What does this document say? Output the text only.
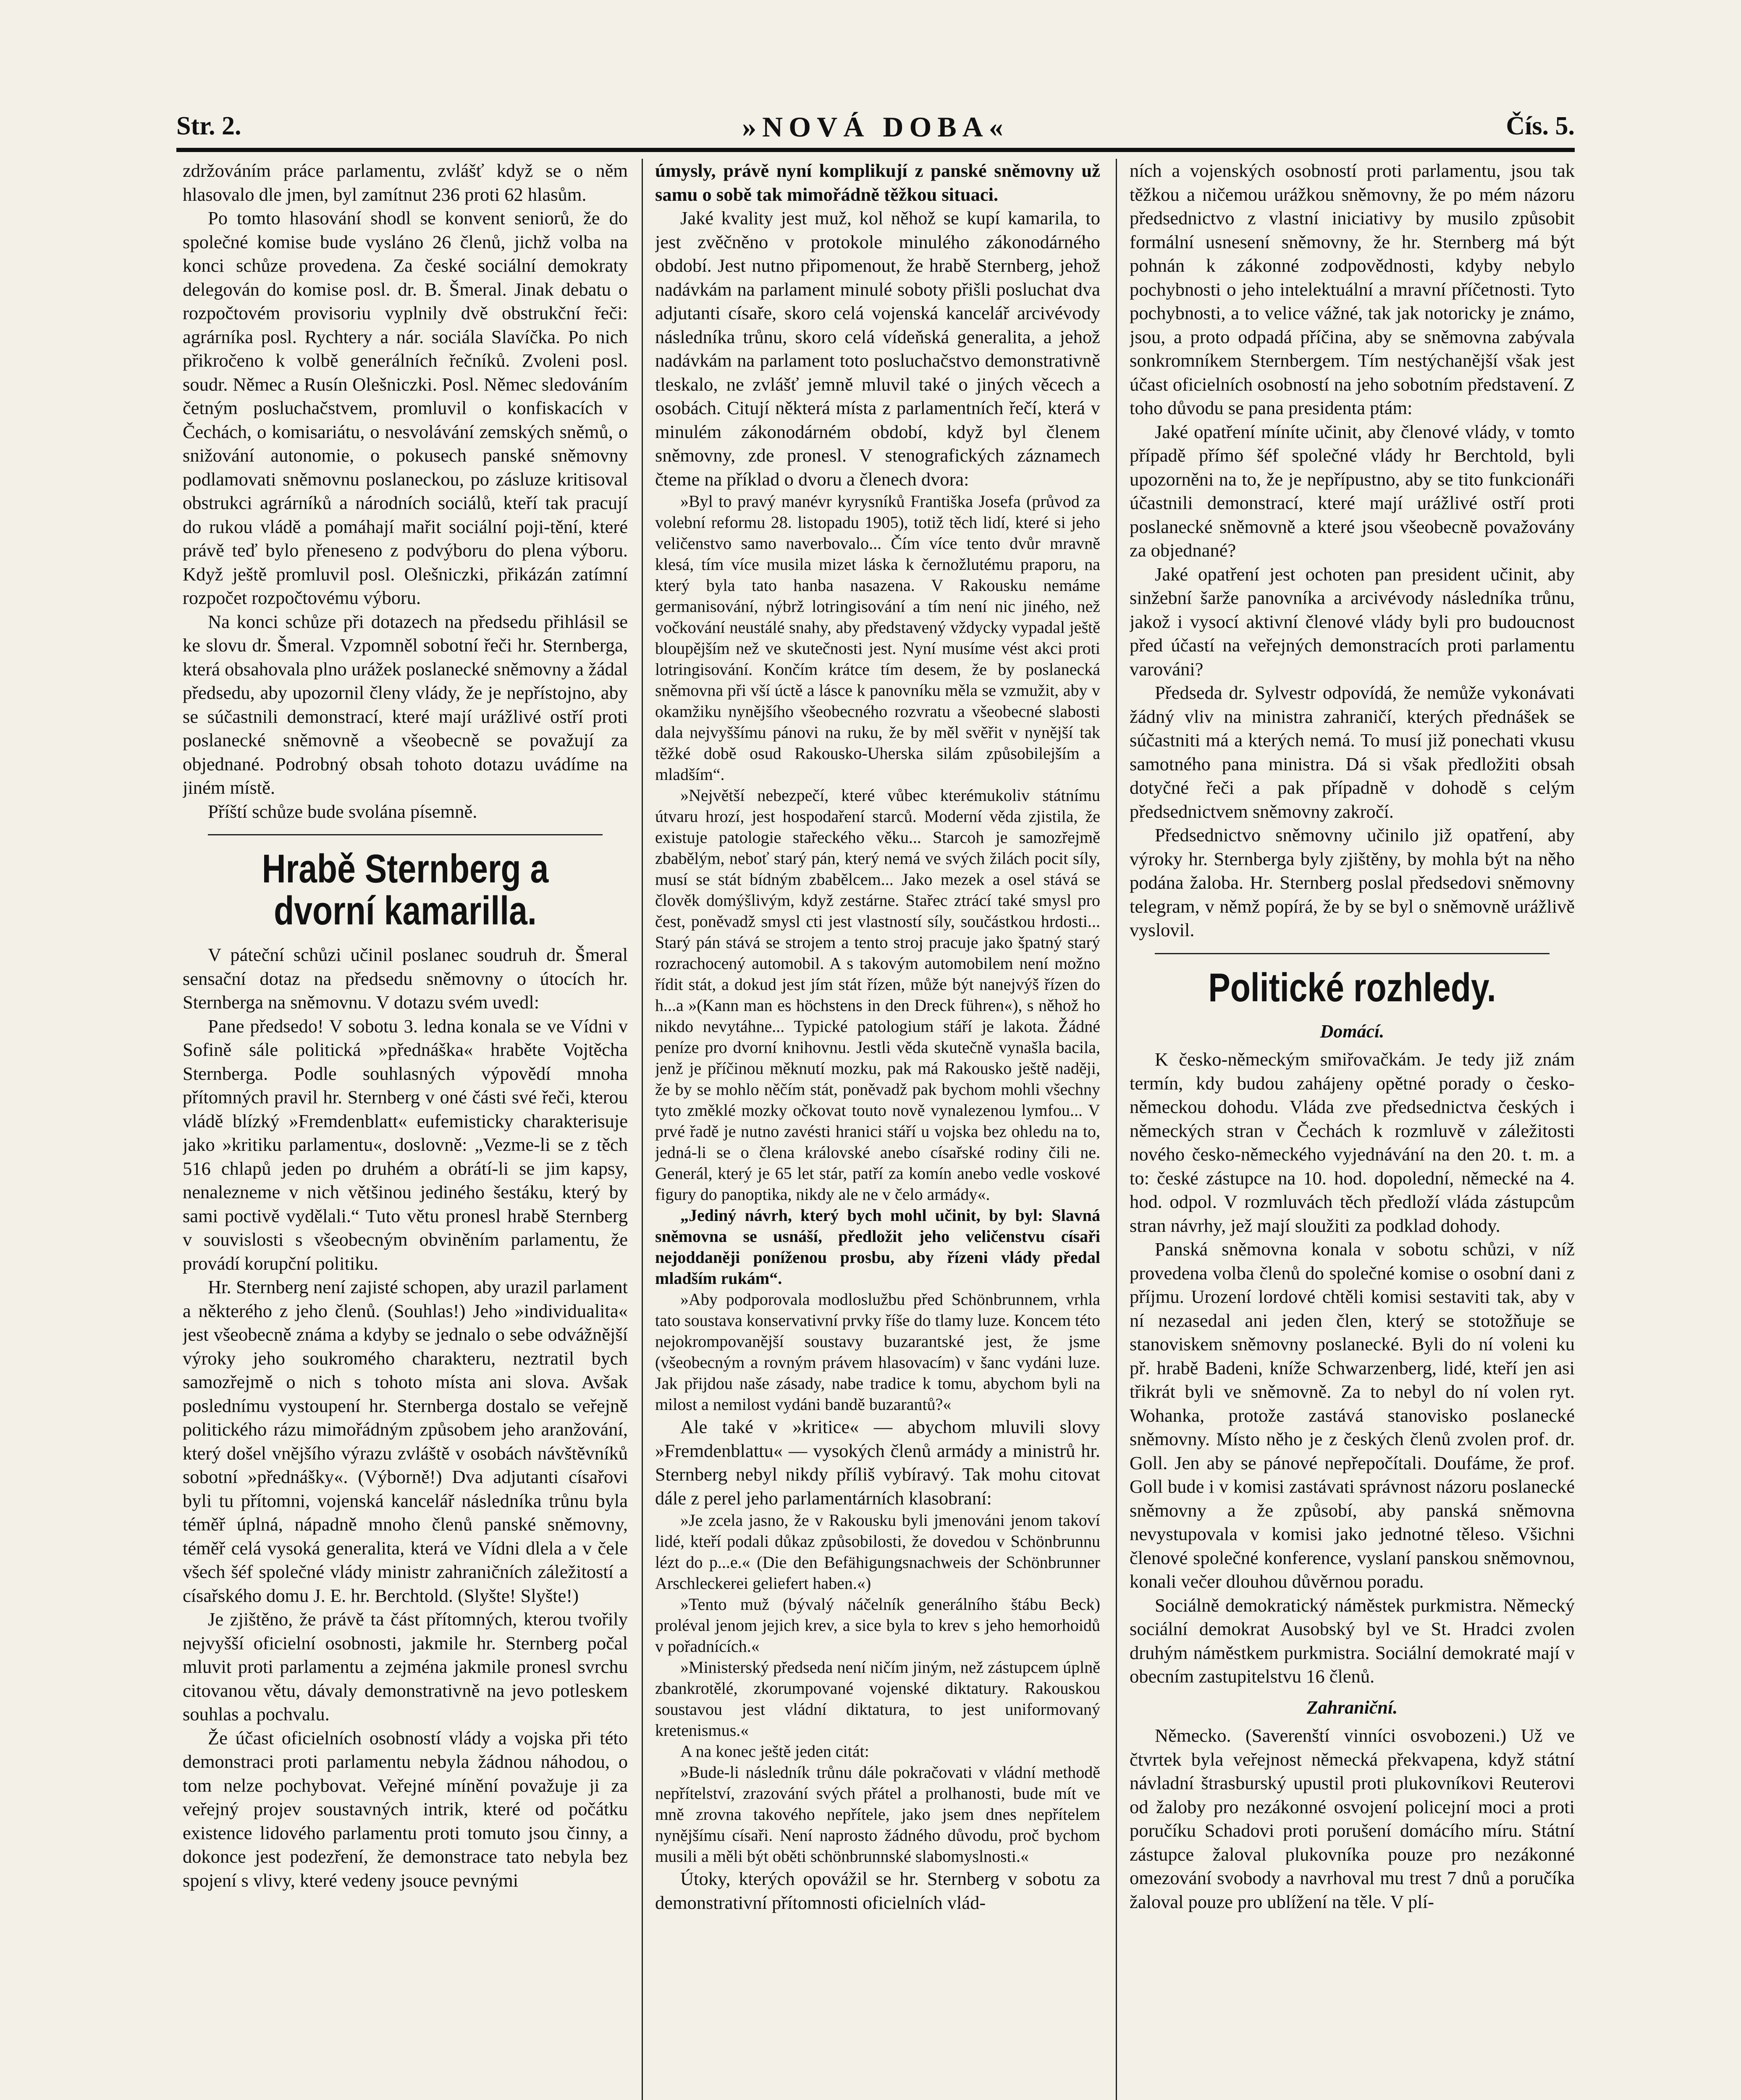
Str. 2.	»NOVÁ DOBA«	Čís. 5.

zdržováním práce parlamentu, zvlášť když se o něm hlasovalo dle jmen, byl zamítnut 236 proti 62 hlasům.

Po tomto hlasování shodl se konvent seniorů, že do společné komise bude vysláno 26 členů, jichž volba na konci schůze provedena. Za české sociální demokraty delegován do komise posl. dr. B. Šmeral. Jinak debatu o rozpočtovém provisoriu vyplnily dvě obstrukční řeči: agrárníka posl. Rychtery a nár. sociála Slavíčka. Po nich přikročeno k volbě generálních řečníků. Zvoleni posl. soudr. Němec a Rusín Olešniczki. Posl. Němec sledováním četným posluchačstvem, promluvil o konfiskacích v Čechách, o komisariátu, o nesvolávání zemských sněmů, o snižování autonomie, o pokusech panské sněmovny podlamovati sněmovnu poslaneckou, po zásluze kritisoval obstrukci agrárníků a národních sociálů, kteří tak pracují do rukou vládě a pomáhají mařit sociální poji-tění, které právě teď bylo přeneseno z podvýboru do plena výboru. Když ještě promluvil posl. Olešniczki, přikázán zatímní rozpočet rozpočtovému výboru.

Na konci schůze při dotazech na předsedu přihlásil se ke slovu dr. Šmeral. Vzpomněl sobotní řeči hr. Sternberga, která obsahovala plno urážek poslanecké sněmovny a žádal předsedu, aby upozornil členy vlády, že je nepřístojno, aby se súčastnili demonstrací, které mají urážlivé ostří proti poslanecké sněmovně a všeobecně se považují za objednané. Podrobný obsah tohoto dotazu uvádíme na jiném místě.

Příští schůze bude svolána písemně.

Hrabě Sternberg a dvorní kamarilla.

V páteční schůzi učinil poslanec soudruh dr. Šmeral sensační dotaz na předsedu sněmovny o útocích hr. Sternberga na sněmovnu. V dotazu svém uvedl:

Pane předsedo! V sobotu 3. ledna konala se ve Vídni v Sofině sále politická »přednáška« hraběte Vojtěcha Sternberga. Podle souhlasných výpovědí mnoha přítomných pravil hr. Sternberg v oné části své řeči, kterou vládě blízký »Fremdenblatt« eufemisticky charakterisuje jako »kritiku parlamentu«, doslovně: „Vezme-li se z těch 516 chlapů jeden po druhém a obrátí-li se jim kapsy, nenalezneme v nich většinou jediného šestáku, který by sami poctivě vydělali.“ Tuto větu pronesl hrabě Sternberg v souvislosti s všeobecným obviněním parlamentu, že provádí korupční politiku.

Hr. Sternberg není zajisté schopen, aby urazil parlament a některého z jeho členů. (Souhlas!) Jeho »individualita« jest všeobecně známa a kdyby se jednalo o sebe odvážnější výroky jeho soukromého charakteru, neztratil bych samozřejmě o nich s tohoto místa ani slova. Avšak poslednímu vystoupení hr. Sternberga dostalo se veřejně politického rázu mimořádným způsobem jeho aranžování, který došel vnějšího výrazu zvláště v osobách návštěvníků sobotní »přednášky«. (Výborně!) Dva adjutanti císařovi byli tu přítomni, vojenská kancelář následníka trůnu byla téměř úplná, nápadně mnoho členů panské sněmovny, téměř celá vysoká generalita, která ve Vídni dlela a v čele všech šéf společné vlády ministr zahraničních záležitostí a císařského domu J. E. hr. Berchtold. (Slyšte! Slyšte!)

Je zjištěno, že právě ta část přítomných, kterou tvořily nejvyšší oficielní osobnosti, jakmile hr. Sternberg počal mluvit proti parlamentu a zejména jakmile pronesl svrchu citovanou větu, dávaly demonstrativně na jevo potleskem souhlas a pochvalu.

Že účast oficielních osobností vlády a vojska při této demonstraci proti parlamentu nebyla žádnou náhodou, o tom nelze pochybovat. Veřejné mínění považuje ji za veřejný projev soustavných intrik, které od počátku existence lidového parlamentu proti tomuto jsou činny, a dokonce jest podezření, že demonstrace tato nebyla bez spojení s vlivy, které vedeny jsouce pevnými

úmysly, právě nyní komplikují z panské sněmovny už samu o sobě tak mimořádně těžkou situaci.

Jaké kvality jest muž, kol něhož se kupí kamarila, to jest zvěčněno v protokole minulého zákonodárného období. Jest nutno připomenout, že hrabě Sternberg, jehož nadávkám na parlament minulé soboty přišli posluchat dva adjutanti císaře, skoro celá vojenská kancelář arcivévody následníka trůnu, skoro celá vídeňská generalita, a jehož nadávkám na parlament toto posluchačstvo demonstrativně tleskalo, ne zvlášť jemně mluvil také o jiných věcech a osobách. Citují některá místa z parlamentních řečí, která v minulém zákonodárném období, když byl členem sněmovny, zde pronesl. V stenografických záznamech čteme na příklad o dvoru a členech dvora:

»Byl to pravý manévr kyrysníků Františka Josefa (průvod za volební reformu 28. listopadu 1905), totiž těch lidí, které si jeho veličenstvo samo naverbovalo... Čím více tento dvůr mravně klesá, tím více musila mizet láska k černožlutému praporu, na který byla tato hanba nasazena. V Rakousku nemáme germanisování, nýbrž lotringisování a tím není nic jiného, než vočkování neustálé snahy, aby představený vždycky vypadal ještě bloupějším než ve skutečnosti jest. Nyní musíme vést akci proti lotringisování. Končím krátce tím desem, že by poslanecká sněmovna při vší úctě a lásce k panovníku měla se vzmužit, aby v okamžiku nynějšího všeobecného rozvratu a všeobecné slabosti dala nejvyššímu pánovi na ruku, že by měl svěřit v nynější tak těžké době osud Rakousko-Uherska silám způsobilejším a mladším“.

»Největší nebezpečí, které vůbec kterémukoliv státnímu útvaru hrozí, jest hospodaření starců. Moderní věda zjistila, že existuje patologie stařeckého věku... Starcoh je samozřejmě zbabělým, neboť starý pán, který nemá ve svých žilách pocit síly, musí se stát bídným zbabělcem... Jako mezek a osel stává se člověk domýšlivým, když zestárne. Stařec ztrácí také smysl pro čest, poněvadž smysl cti jest vlastností síly, součástkou hrdosti... Starý pán stává se strojem a tento stroj pracuje jako špatný starý rozrachocený automobil. A s takovým automobilem není možno řídit stát, a dokud jest jím stát řízen, může být nanejvýš řízen do h...a »(Kann man es höchstens in den Dreck führen«), s něhož ho nikdo nevytáhne... Typické patologium stáří je lakota. Žádné peníze pro dvorní knihovnu. Jestli věda skutečně vynašla bacila, jenž je příčinou měknutí mozku, pak má Rakousko ještě naději, že by se mohlo něčím stát, poněvadž pak bychom mohli všechny tyto změklé mozky očkovat touto nově vynalezenou lymfou... V prvé řadě je nutno zavésti hranici stáří u vojska bez ohledu na to, jedná-li se o člena královské anebo císařské rodiny čili ne. Generál, který je 65 let stár, patří za komín anebo vedle voskové figury do panoptika, nikdy ale ne v čelo armády«.

„Jediný návrh, který bych mohl učinit, by byl: Slavná sněmovna se usnáší, předložit jeho veličenstvu císaři nejoddaněji poníženou prosbu, aby řízeni vlády předal mladším rukám“.

»Aby podporovala modloslužbu před Schönbrunnem, vrhla tato soustava konservativní prvky říše do tlamy luze. Koncem této nejokrompovanější soustavy buzarantské jest, že jsme (všeobecným a rovným právem hlasovacím) v šanc vydáni luze. Jak přijdou naše zásady, nabe tradice k tomu, abychom byli na milost a nemilost vydáni bandě buzarantů?«

Ale také v »kritice« — abychom mluvili slovy »Fremdenblattu« — vysokých členů armády a ministrů hr. Sternberg nebyl nikdy příliš vybíravý. Tak mohu citovat dále z perel jeho parlamentárních klasobraní:

»Je zcela jasno, že v Rakousku byli jmenováni jenom takoví lidé, kteří podali důkaz způsobilosti, že dovedou v Schönbrunnu lézt do p...e.« (Die den Befähigungsnachweis der Schönbrunner Arschleckerei geliefert haben.«)

»Tento muž (bývalý náčelník generálního štábu Beck) proléval jenom jejich krev, a sice byla to krev s jeho hemorhoidů v pořadnících.«

»Ministerský předseda není ničím jiným, než zástupcem úplně zbankrotělé, zkorumpované vojenské diktatury. Rakouskou soustavou jest vládní diktatura, to jest uniformovaný kretenismus.«

A na konec ještě jeden citát:

»Bude-li následník trůnu dále pokračovati v vládní methodě nepřítelství, zrazování svých přátel a prolhanosti, bude mít ve mně zrovna takového nepřítele, jako jsem dnes nepřítelem nynějšímu císaři. Není naprosto žádného důvodu, proč bychom musili a měli být oběti schönbrunnské slabomyslnosti.«

Útoky, kterých opovážil se hr. Sternberg v sobotu za demonstrativní přítomnosti oficielních vlád-

ních a vojenských osobností proti parlamentu, jsou tak těžkou a ničemou urážkou sněmovny, že po mém názoru předsednictvo z vlastní iniciativy by musilo způsobit formální usnesení sněmovny, že hr. Sternberg má být pohnán k zákonné zodpovědnosti, kdyby nebylo pochybnosti o jeho intelektuální a mravní příčetnosti. Tyto pochybnosti, a to velice vážné, tak jak notoricky je známo, jsou, a proto odpadá příčina, aby se sněmovna zabývala sonkromníkem Sternbergem. Tím nestýchanější však jest účast oficielních osobností na jeho sobotním představení. Z toho důvodu se pana presidenta ptám:

Jaké opatření míníte učinit, aby členové vlády, v tomto případě přímo šéf společné vlády hr Berchtold, byli upozorněni na to, že je nepřípustno, aby se tito funkcionáři účastnili demonstrací, které mají urážlivé ostří proti poslanecké sněmovně a které jsou všeobecně považovány za objednané?

Jaké opatření jest ochoten pan president učinit, aby sinžební šarže panovníka a arcivévody následníka trůnu, jakož i vysocí aktivní členové vlády byli pro budoucnost před účastí na veřejných demonstracích proti parlamentu varováni?

Předseda dr. Sylvestr odpovídá, že nemůže vykonávati žádný vliv na ministra zahraničí, kterých přednášek se súčastniti má a kterých nemá. To musí již ponechati vkusu samotného pana ministra. Dá si však předložiti obsah dotyčné řeči a pak případně v dohodě s celým předsednictvem sněmovny zakročí.

Předsednictvo sněmovny učinilo již opatření, aby výroky hr. Sternberga byly zjištěny, by mohla být na něho podána žaloba. Hr. Sternberg poslal předsedovi sněmovny telegram, v němž popírá, že by se byl o sněmovně urážlivě vyslovil.

Politické rozhledy.
Domácí.

K česko-německým smiřovačkám. Je tedy již znám termín, kdy budou zahájeny opětné porady o česko-německou dohodu. Vláda zve předsednictva českých i německých stran v Čechách k rozmluvě v záležitosti nového česko-německého vyjednávání na den 20. t. m. a to: české zástupce na 10. hod. dopolední, německé na 4. hod. odpol. V rozmluvách těch předloží vláda zástupcům stran návrhy, jež mají sloužiti za podklad dohody.

Panská sněmovna konala v sobotu schůzi, v níž provedena volba členů do společné komise o osobní dani z příjmu. Urození lordové chtěli komisi sestaviti tak, aby v ní nezasedal ani jeden člen, který se stotožňuje se stanoviskem sněmovny poslanecké. Byli do ní voleni ku př. hrabě Badeni, kníže Schwarzenberg, lidé, kteří jen asi třikrát byli ve sněmovně. Za to nebyl do ní volen ryt. Wohanka, protože zastává stanovisko poslanecké sněmovny. Místo něho je z českých členů zvolen prof. dr. Goll. Jen aby se pánové nepřepočítali. Doufáme, že prof. Goll bude i v komisi zastávati správnost názoru poslanecké sněmovny a že způsobí, aby panská sněmovna nevystupovala v komisi jako jednotné těleso. Všichni členové společné konference, vyslaní panskou sněmovnou, konali večer dlouhou důvěrnou poradu.

Sociálně demokratický náměstek purkmistra. Německý sociální demokrat Ausobský byl ve St. Hradci zvolen druhým náměstkem purkmistra. Sociální demokraté mají v obecním zastupitelstvu 16 členů.

Zahraniční.

Německo. (Saverenští vinníci osvobozeni.) Už ve čtvrtek byla veřejnost německá překvapena, když státní návladní štrasburský upustil proti plukovníkovi Reuterovi od žaloby pro nezákonné osvojení policejní moci a proti poručíku Schadovi proti porušení domácího míru. Státní zástupce žaloval plukovníka pouze pro nezákonné omezování svobody a navrhoval mu trest 7 dnů a poručíka žaloval pouze pro ublížení na těle. V plí-
